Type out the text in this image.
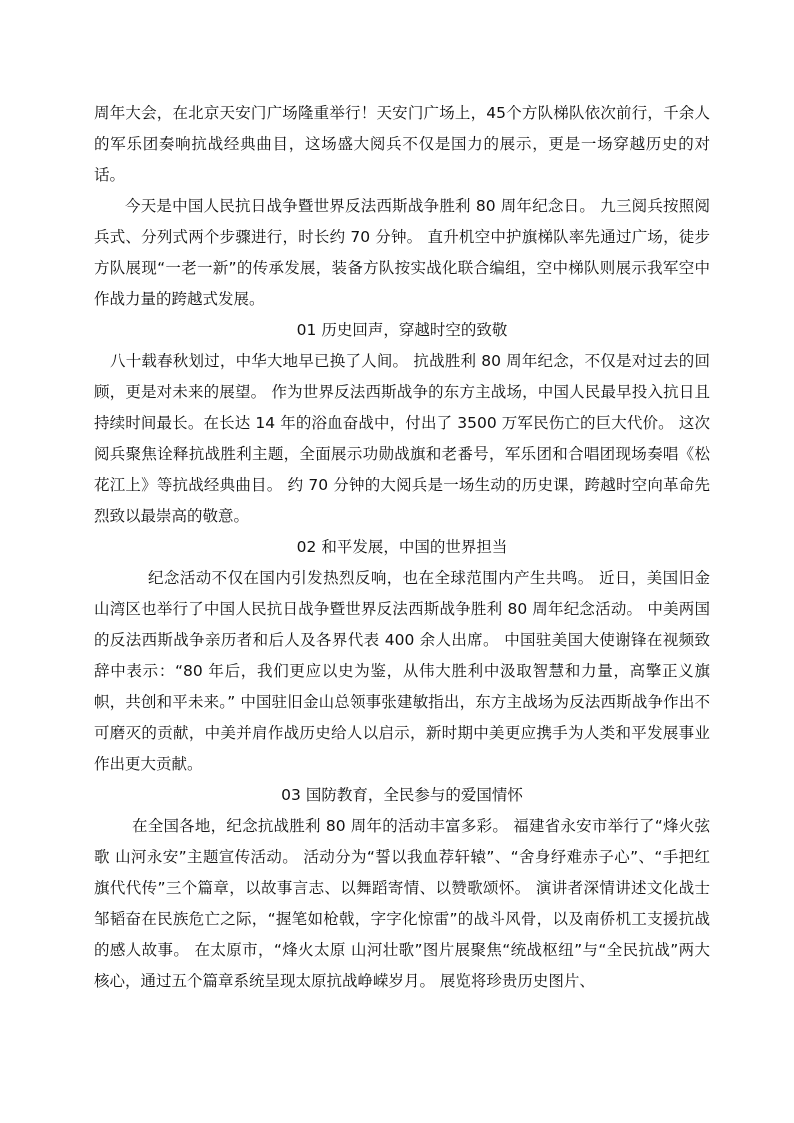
周年大会，在北京天安门广场隆重举行！天安门广场上，45个方队梯队依次前行，千余人的军乐团奏响抗战经典曲目，这场盛大阅兵不仅是国力的展示，更是一场穿越历史的对话。

今天是中国人民抗日战争暨世界反法西斯战争胜利 80 周年纪念日。 九三阅兵按照阅兵式、分列式两个步骤进行，时长约 70 分钟。 直升机空中护旗梯队率先通过广场，徒步方队展现“一老一新”的传承发展，装备方队按实战化联合编组，空中梯队则展示我军空中作战力量的跨越式发展。

01 历史回声，穿越时空的致敬

八十载春秋划过，中华大地早已换了人间。 抗战胜利 80 周年纪念，不仅是对过去的回顾，更是对未来的展望。 作为世界反法西斯战争的东方主战场，中国人民最早投入抗日且持续时间最长。在长达 14 年的浴血奋战中，付出了 3500 万军民伤亡的巨大代价。 这次阅兵聚焦诠释抗战胜利主题，全面展示功勋战旗和老番号，军乐团和合唱团现场奏唱《松花江上》等抗战经典曲目。 约 70 分钟的大阅兵是一场生动的历史课，跨越时空向革命先烈致以最崇高的敬意。

02 和平发展，中国的世界担当

纪念活动不仅在国内引发热烈反响，也在全球范围内产生共鸣。 近日，美国旧金山湾区也举行了中国人民抗日战争暨世界反法西斯战争胜利 80 周年纪念活动。 中美两国的反法西斯战争亲历者和后人及各界代表 400 余人出席。 中国驻美国大使谢锋在视频致辞中表示：“80 年后，我们更应以史为鉴，从伟大胜利中汲取智慧和力量，高擎正义旗帜，共创和平未来。” 中国驻旧金山总领事张建敏指出，东方主战场为反法西斯战争作出不可磨灭的贡献，中美并肩作战历史给人以启示，新时期中美更应携手为人类和平发展事业作出更大贡献。

03 国防教育，全民参与的爱国情怀

在全国各地，纪念抗战胜利 80 周年的活动丰富多彩。 福建省永安市举行了“烽火弦歌 山河永安”主题宣传活动。 活动分为“誓以我血荐轩辕”、“舍身纾难赤子心”、“手把红旗代代传”三个篇章，以故事言志、以舞蹈寄情、以赞歌颂怀。 演讲者深情讲述文化战士邹韬奋在民族危亡之际，“握笔如枪戟，字字化惊雷”的战斗风骨，以及南侨机工支援抗战的感人故事。 在太原市，“烽火太原 山河壮歌”图片展聚焦“统战枢纽”与“全民抗战”两大核心，通过五个篇章系统呈现太原抗战峥嵘岁月。 展览将珍贵历史图片、
